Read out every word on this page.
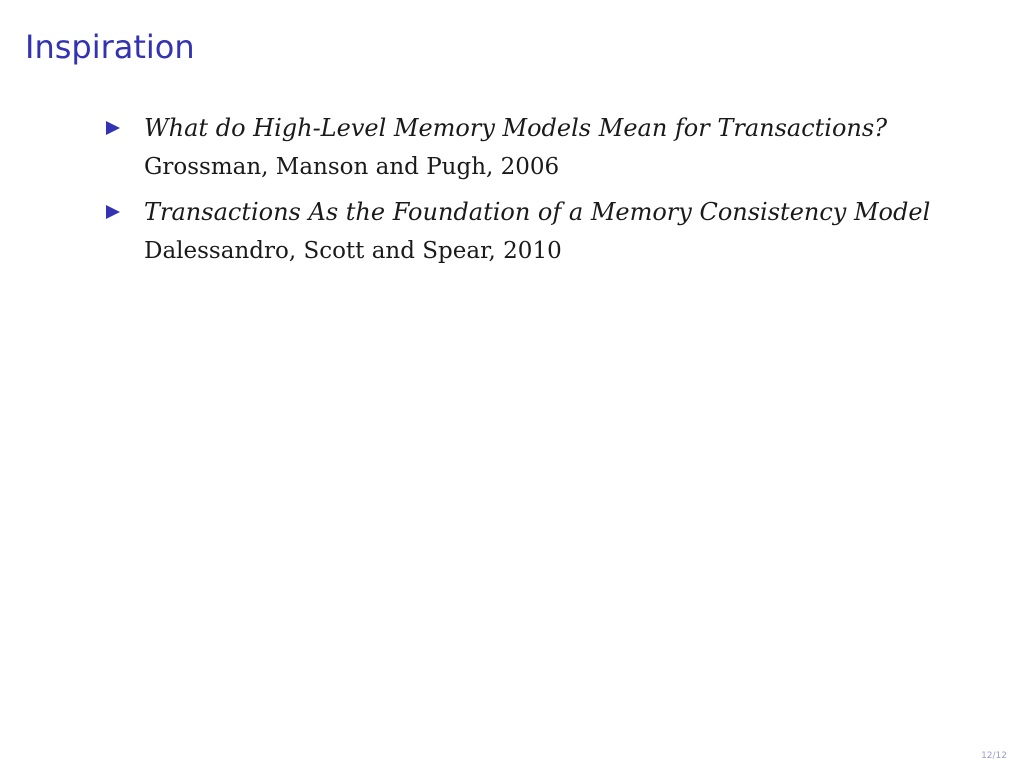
Inspiration
What do High-Level Memory Models Mean for Transactions?
Grossman, Manson and Pugh, 2006
Transactions As the Foundation of a Memory Consistency Model
Dalessandro, Scott and Spear, 2010
12/12
